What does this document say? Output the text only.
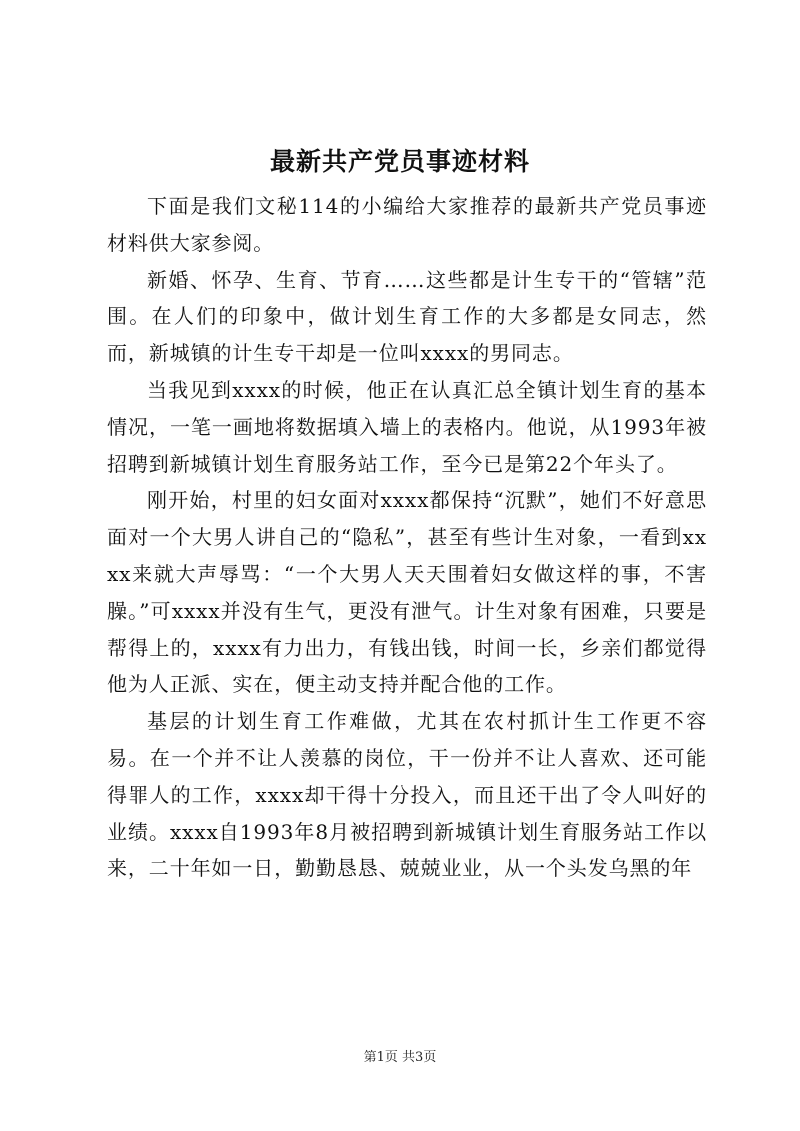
最新共产党员事迹材料

下面是我们文秘114的小编给大家推荐的最新共产党员事迹材料供大家参阅。

新婚、怀孕、生育、节育……这些都是计生专干的“管辖”范围。在人们的印象中，做计划生育工作的大多都是女同志，然而，新城镇的计生专干却是一位叫xxxx的男同志。

当我见到xxxx的时候，他正在认真汇总全镇计划生育的基本情况，一笔一画地将数据填入墙上的表格内。他说，从1993年被招聘到新城镇计划生育服务站工作，至今已是第22个年头了。

刚开始，村里的妇女面对xxxx都保持“沉默”，她们不好意思面对一个大男人讲自己的“隐私”，甚至有些计生对象，一看到xxxx来就大声辱骂：“一个大男人天天围着妇女做这样的事，不害臊。”可xxxx并没有生气，更没有泄气。计生对象有困难，只要是帮得上的，xxxx有力出力，有钱出钱，时间一长，乡亲们都觉得他为人正派、实在，便主动支持并配合他的工作。

基层的计划生育工作难做，尤其在农村抓计生工作更不容易。在一个并不让人羡慕的岗位，干一份并不让人喜欢、还可能得罪人的工作，xxxx却干得十分投入，而且还干出了令人叫好的业绩。xxxx自1993年8月被招聘到新城镇计划生育服务站工作以来，二十年如一日，勤勤恳恳、兢兢业业，从一个头发乌黑的年

第1页 共3页
